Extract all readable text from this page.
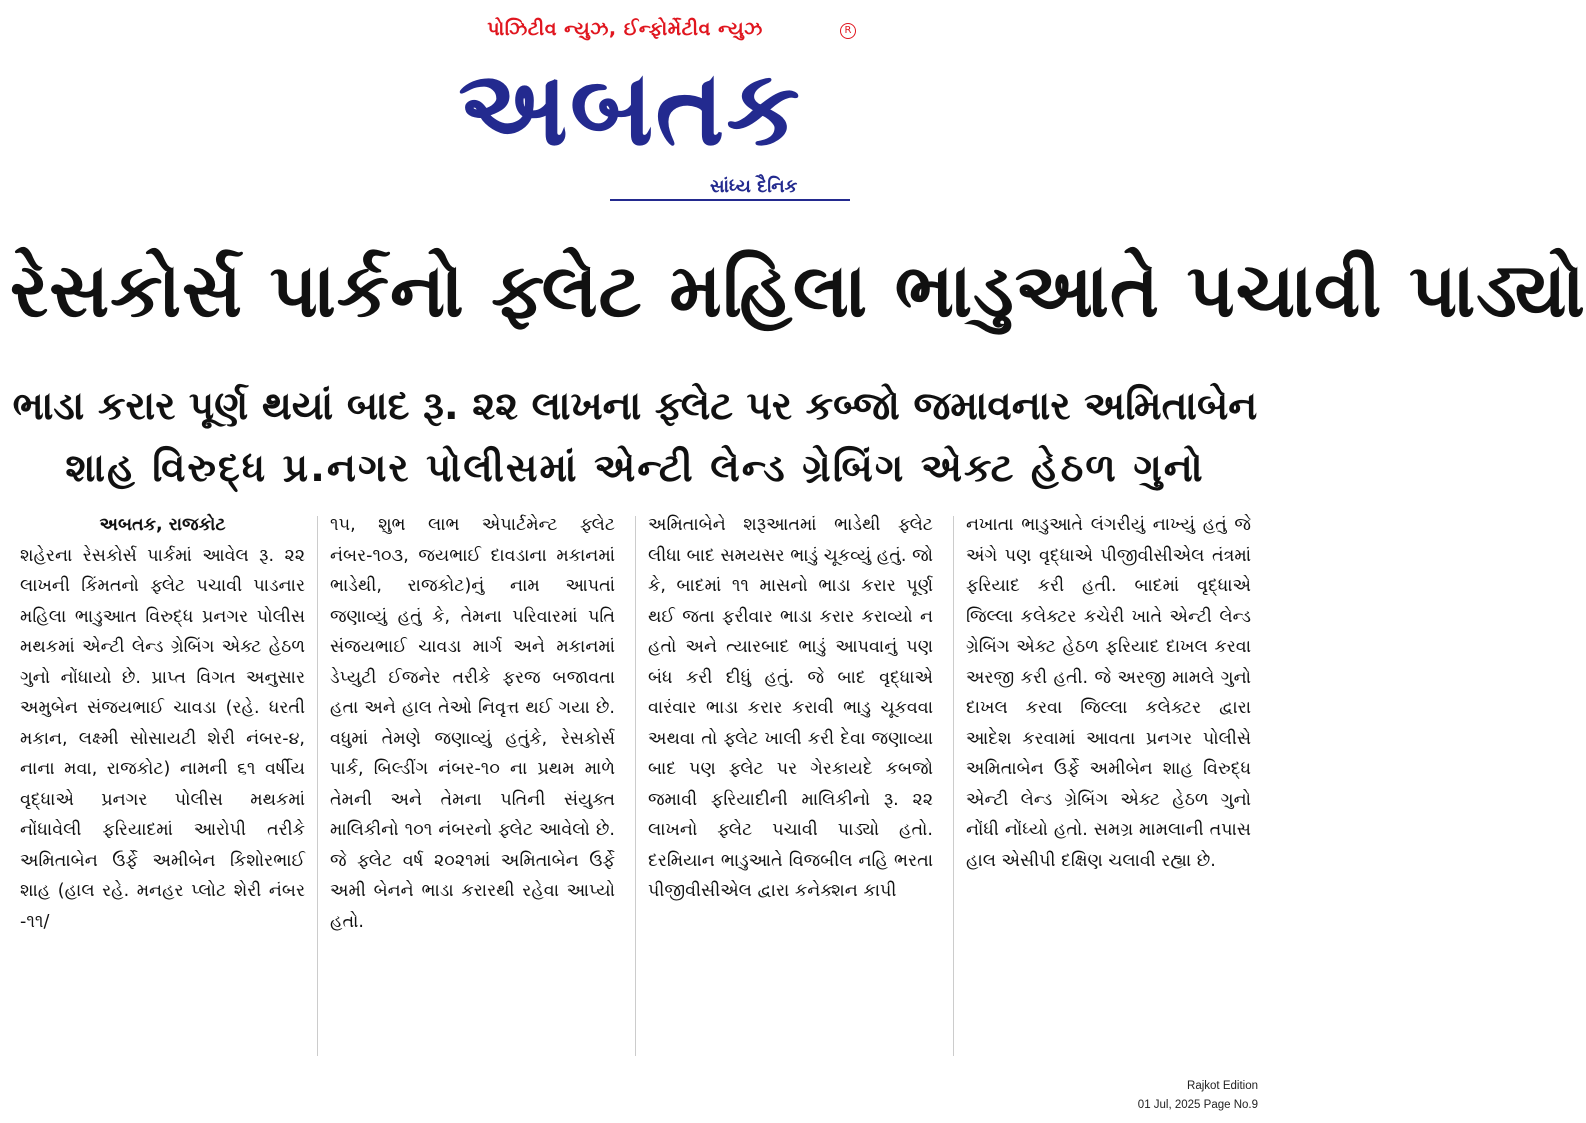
પોઝિટીવ ન્યુઝ, ઈન્ફોર્મેટીવ ન્યુઝ	R
અબતક
સાંધ્ય દૈનિક
રેસકોર્સ પાર્કનો ફ્લેટ મહિલા ભાડુઆતે પચાવી પાડ્યો
ભાડા કરાર પૂર્ણ થયાં બાદ રૂ. ૨૨ લાખના ફ્લેટ પર કબ્જો જમાવનાર અમિતાબેન
શાહ વિરુદ્ધ પ્ર.નગર પોલીસમાં એન્ટી લેન્ડ ગ્રેબિંગ એક્ટ હેઠળ ગુનો
અબતક, રાજકોટ

શહેરના રેસકોર્સ પાર્કમાં આવેલ રૂ. ૨૨ લાખની કિંમતનો ફ્લેટ પચાવી પાડનાર મહિલા ભાડુઆત વિરુદ્ધ પ્રનગર પોલીસ મથકમાં એન્ટી લેન્ડ ગ્રેબિંગ એક્ટ હેઠળ ગુનો નોંધાયો છે. પ્રાપ્ત વિગત અનુસાર અમુબેન સંજયભાઈ ચાવડા (રહે. ધરતી મકાન, લક્ષ્મી સોસાયટી શેરી નંબર-૪, નાના મવા, રાજકોટ) નામની ૬૧ વર્ષીય વૃદ્ધાએ પ્રનગર પોલીસ મથકમાં નોંધાવેલી ફરિયાદમાં આરોપી તરીકે અમિતાબેન ઉર્ફે અમીબેન કિશોરભાઈ શાહ (હાલ રહે. મનહર પ્લોટ શેરી નંબર -૧૧/

૧૫, શુભ લાભ એપાર્ટમેન્ટ ફ્લેટ નંબર-૧૦૩, જયભાઈ દાવડાના મકાનમાં ભાડેથી, રાજકોટ)નું નામ આપતાં જણાવ્યું હતું કે, તેમના પરિવારમાં પતિ સંજયભાઈ ચાવડા માર્ગ અને મકાનમાં ડેપ્યુટી ઈજનેર તરીકે ફરજ બજાવતા હતા અને હાલ તેઓ નિવૃત્ત થઈ ગયા છે. વધુમાં તેમણે જણાવ્યું હતુંકે, રેસકોર્સ પાર્ક, બિલ્ડીંગ નંબર-૧૦ ના પ્રથમ માળે તેમની અને તેમના પતિની સંયુક્ત માલિકીનો ૧૦૧ નંબરનો ફ્લેટ આવેલો છે. જે ફ્લેટ વર્ષ ૨૦૨૧માં અમિતાબેન ઉર્ફે અમી બેનને ભાડા કરારથી રહેવા આપ્યો હતો.

અમિતાબેને શરૂઆતમાં ભાડેથી ફ્લેટ લીધા બાદ સમયસર ભાડું ચૂકવ્યું હતું. જો કે, બાદમાં ૧૧ માસનો ભાડા કરાર પૂર્ણ થઈ જતા ફરીવાર ભાડા કરાર કરાવ્યો ન હતો અને ત્યારબાદ ભાડું આપવાનું પણ બંધ કરી દીધું હતું. જે બાદ વૃદ્ધાએ વારંવાર ભાડા કરાર કરાવી ભાડુ ચૂકવવા અથવા તો ફ્લેટ ખાલી કરી દેવા જણાવ્યા બાદ પણ ફ્લેટ પર ગેરકાયદે કબજો જમાવી ફરિયાદીની માલિકીનો રૂ. ૨૨ લાખનો ફ્લેટ પચાવી પાડ્યો હતો. દરમિયાન ભાડુઆતે વિજબીલ નહિ ભરતા પીજીવીસીએલ દ્વારા કનેક્શન કાપી

નખાતા ભાડુઆતે લંગરીયું નાખ્યું હતું જે અંગે પણ વૃદ્ધાએ પીજીવીસીએલ તંત્રમાં ફરિયાદ કરી હતી. બાદમાં વૃદ્ધાએ જિલ્લા કલેક્ટર કચેરી ખાતે એન્ટી લેન્ડ ગ્રેબિંગ એક્ટ હેઠળ ફરિયાદ દાખલ કરવા અરજી કરી હતી. જે અરજી મામલે ગુનો દાખલ કરવા જિલ્લા કલેક્ટર દ્વારા આદેશ કરવામાં આવતા પ્રનગર પોલીસે અમિતાબેન ઉર્ફે અમીબેન શાહ વિરુદ્ધ એન્ટી લેન્ડ ગ્રેબિંગ એક્ટ હેઠળ ગુનો નોંધી નોંધ્યો હતો. સમગ્ર મામલાની તપાસ હાલ એસીપી દક્ષિણ ચલાવી રહ્યા છે.

Rajkot Edition
01 Jul, 2025 Page No.9
